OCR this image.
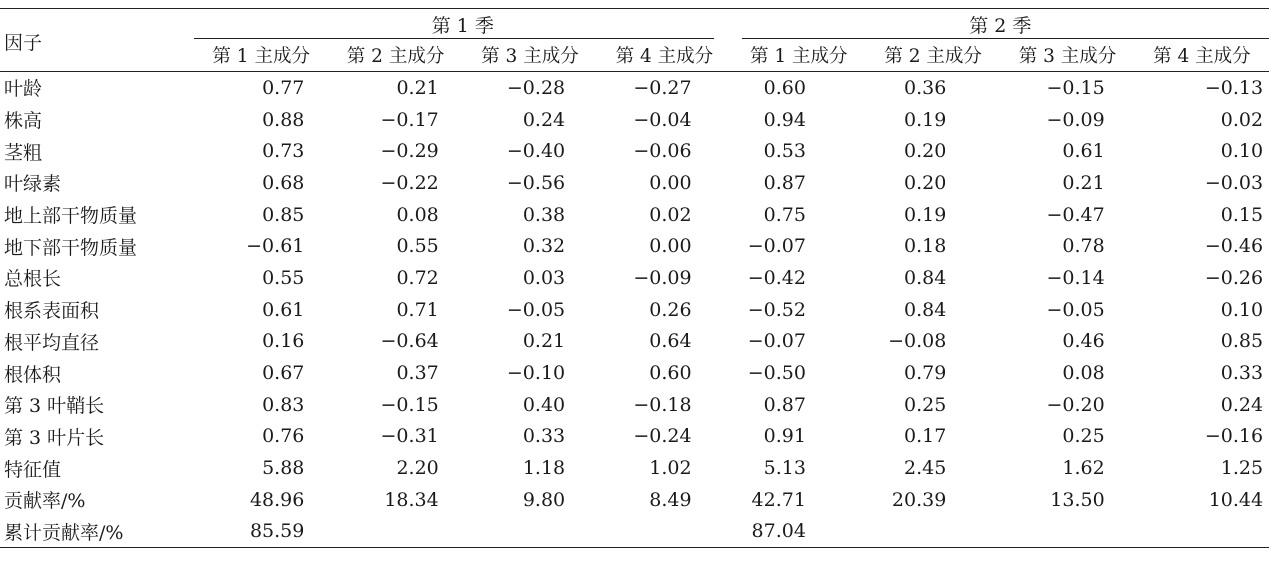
因子	第 1 季				第 2 季			

	第 1 主成分	第 2 主成分	第 3 主成分	第 4 主成分	第 1 主成分	第 2 主成分	第 3 主成分	第 4 主成分
叶龄	0.77	0.21	−0.28	−0.27	0.60	0.36	−0.15	−0.13
株高	0.88	−0.17	0.24	−0.04	0.94	0.19	−0.09	0.02
茎粗	0.73	−0.29	−0.40	−0.06	0.53	0.20	0.61	0.10
叶绿素	0.68	−0.22	−0.56	0.00	0.87	0.20	0.21	−0.03
地上部干物质量	0.85	0.08	0.38	0.02	0.75	0.19	−0.47	0.15
地下部干物质量	−0.61	0.55	0.32	0.00	−0.07	0.18	0.78	−0.46
总根长	0.55	0.72	0.03	−0.09	−0.42	0.84	−0.14	−0.26
根系表面积	0.61	0.71	−0.05	0.26	−0.52	0.84	−0.05	0.10
根平均直径	0.16	−0.64	0.21	0.64	−0.07	−0.08	0.46	0.85
根体积	0.67	0.37	−0.10	0.60	−0.50	0.79	0.08	0.33
第 3 叶鞘长	0.83	−0.15	0.40	−0.18	0.87	0.25	−0.20	0.24
第 3 叶片长	0.76	−0.31	0.33	−0.24	0.91	0.17	0.25	−0.16
特征值	5.88	2.20	1.18	1.02	5.13	2.45	1.62	1.25
贡献率/%	48.96	18.34	9.80	8.49	42.71	20.39	13.50	10.44
累计贡献率/%	85.59				87.04			
